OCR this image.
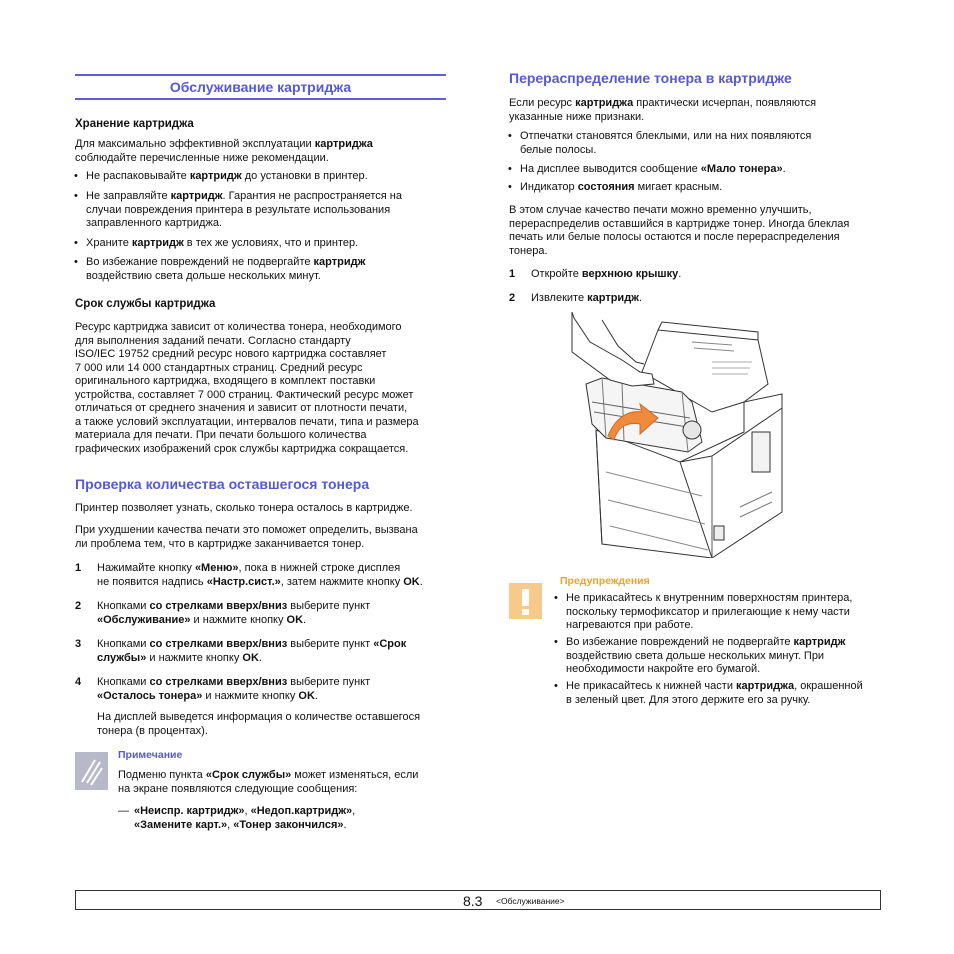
Обслуживание картриджа
Хранение картриджа
Для максимально эффективной эксплуатации картриджа
соблюдайте перечисленные ниже рекомендации.
• Не распаковывайте картридж до установки в принтер.
• Не заправляйте картридж. Гарантия не распространяется на
случаи повреждения принтера в результате использования
заправленного картриджа.
• Храните картридж в тех же условиях, что и принтер.
• Во избежание повреждений не подвергайте картридж
воздействию света дольше нескольких минут.
Срок службы картриджа
Ресурс картриджа зависит от количества тонера, необходимого
для выполнения заданий печати. Согласно стандарту
ISO/IEC 19752 средний ресурс нового картриджа составляет
7 000 или 14 000 стандартных страниц. Средний ресурс
оригинального картриджа, входящего в комплект поставки
устройства, составляет 7 000 страниц. Фактический ресурс может
отличаться от среднего значения и зависит от плотности печати,
а также условий эксплуатации, интервалов печати, типа и размера
материала для печати. При печати большого количества
графических изображений срок службы картриджа сокращается.
Проверка количества оставшегося тонера
Принтер позволяет узнать, сколько тонера осталось в картридже.
При ухудшении качества печати это поможет определить, вызвана
ли проблема тем, что в картридже заканчивается тонер.
1 Нажимайте кнопку «Меню», пока в нижней строке дисплея
не появится надпись «Настр.сист.», затем нажмите кнопку OK.
2 Кнопками со стрелками вверх/вниз выберите пункт
«Обслуживание» и нажмите кнопку OK.
3 Кнопками со стрелками вверх/вниз выберите пункт «Срок
службы» и нажмите кнопку OK.
4 Кнопками со стрелками вверх/вниз выберите пункт
«Осталось тонера» и нажмите кнопку OK.
На дисплей выведется информация о количестве оставшегося
тонера (в процентах).
Примечание
Подменю пункта «Срок службы» может изменяться, если
на экране появляются следующие сообщения:
— «Неиспр. картридж», «Недоп.картридж»,
«Замените карт.», «Тонер закончился».
Перераспределение тонера в картридже
Если ресурс картриджа практически исчерпан, появляются
указанные ниже признаки.
• Отпечатки становятся блеклыми, или на них появляются
белые полосы.
• На дисплее выводится сообщение «Мало тонера».
• Индикатор состояния мигает красным.
В этом случае качество печати можно временно улучшить,
перераспределив оставшийся в картридже тонер. Иногда блеклая
печать или белые полосы остаются и после перераспределения
тонера.
1 Откройте верхнюю крышку.
2 Извлеките картридж.
Предупреждения
• Не прикасайтесь к внутренним поверхностям принтера,
поскольку термофиксатор и прилегающие к нему части
нагреваются при работе.
• Во избежание повреждений не подвергайте картридж
воздействию света дольше нескольких минут. При
необходимости накройте его бумагой.
• Не прикасайтесь к нижней части картриджа, окрашенной
в зеленый цвет. Для этого держите его за ручку.
8.3 <Обслуживание>
